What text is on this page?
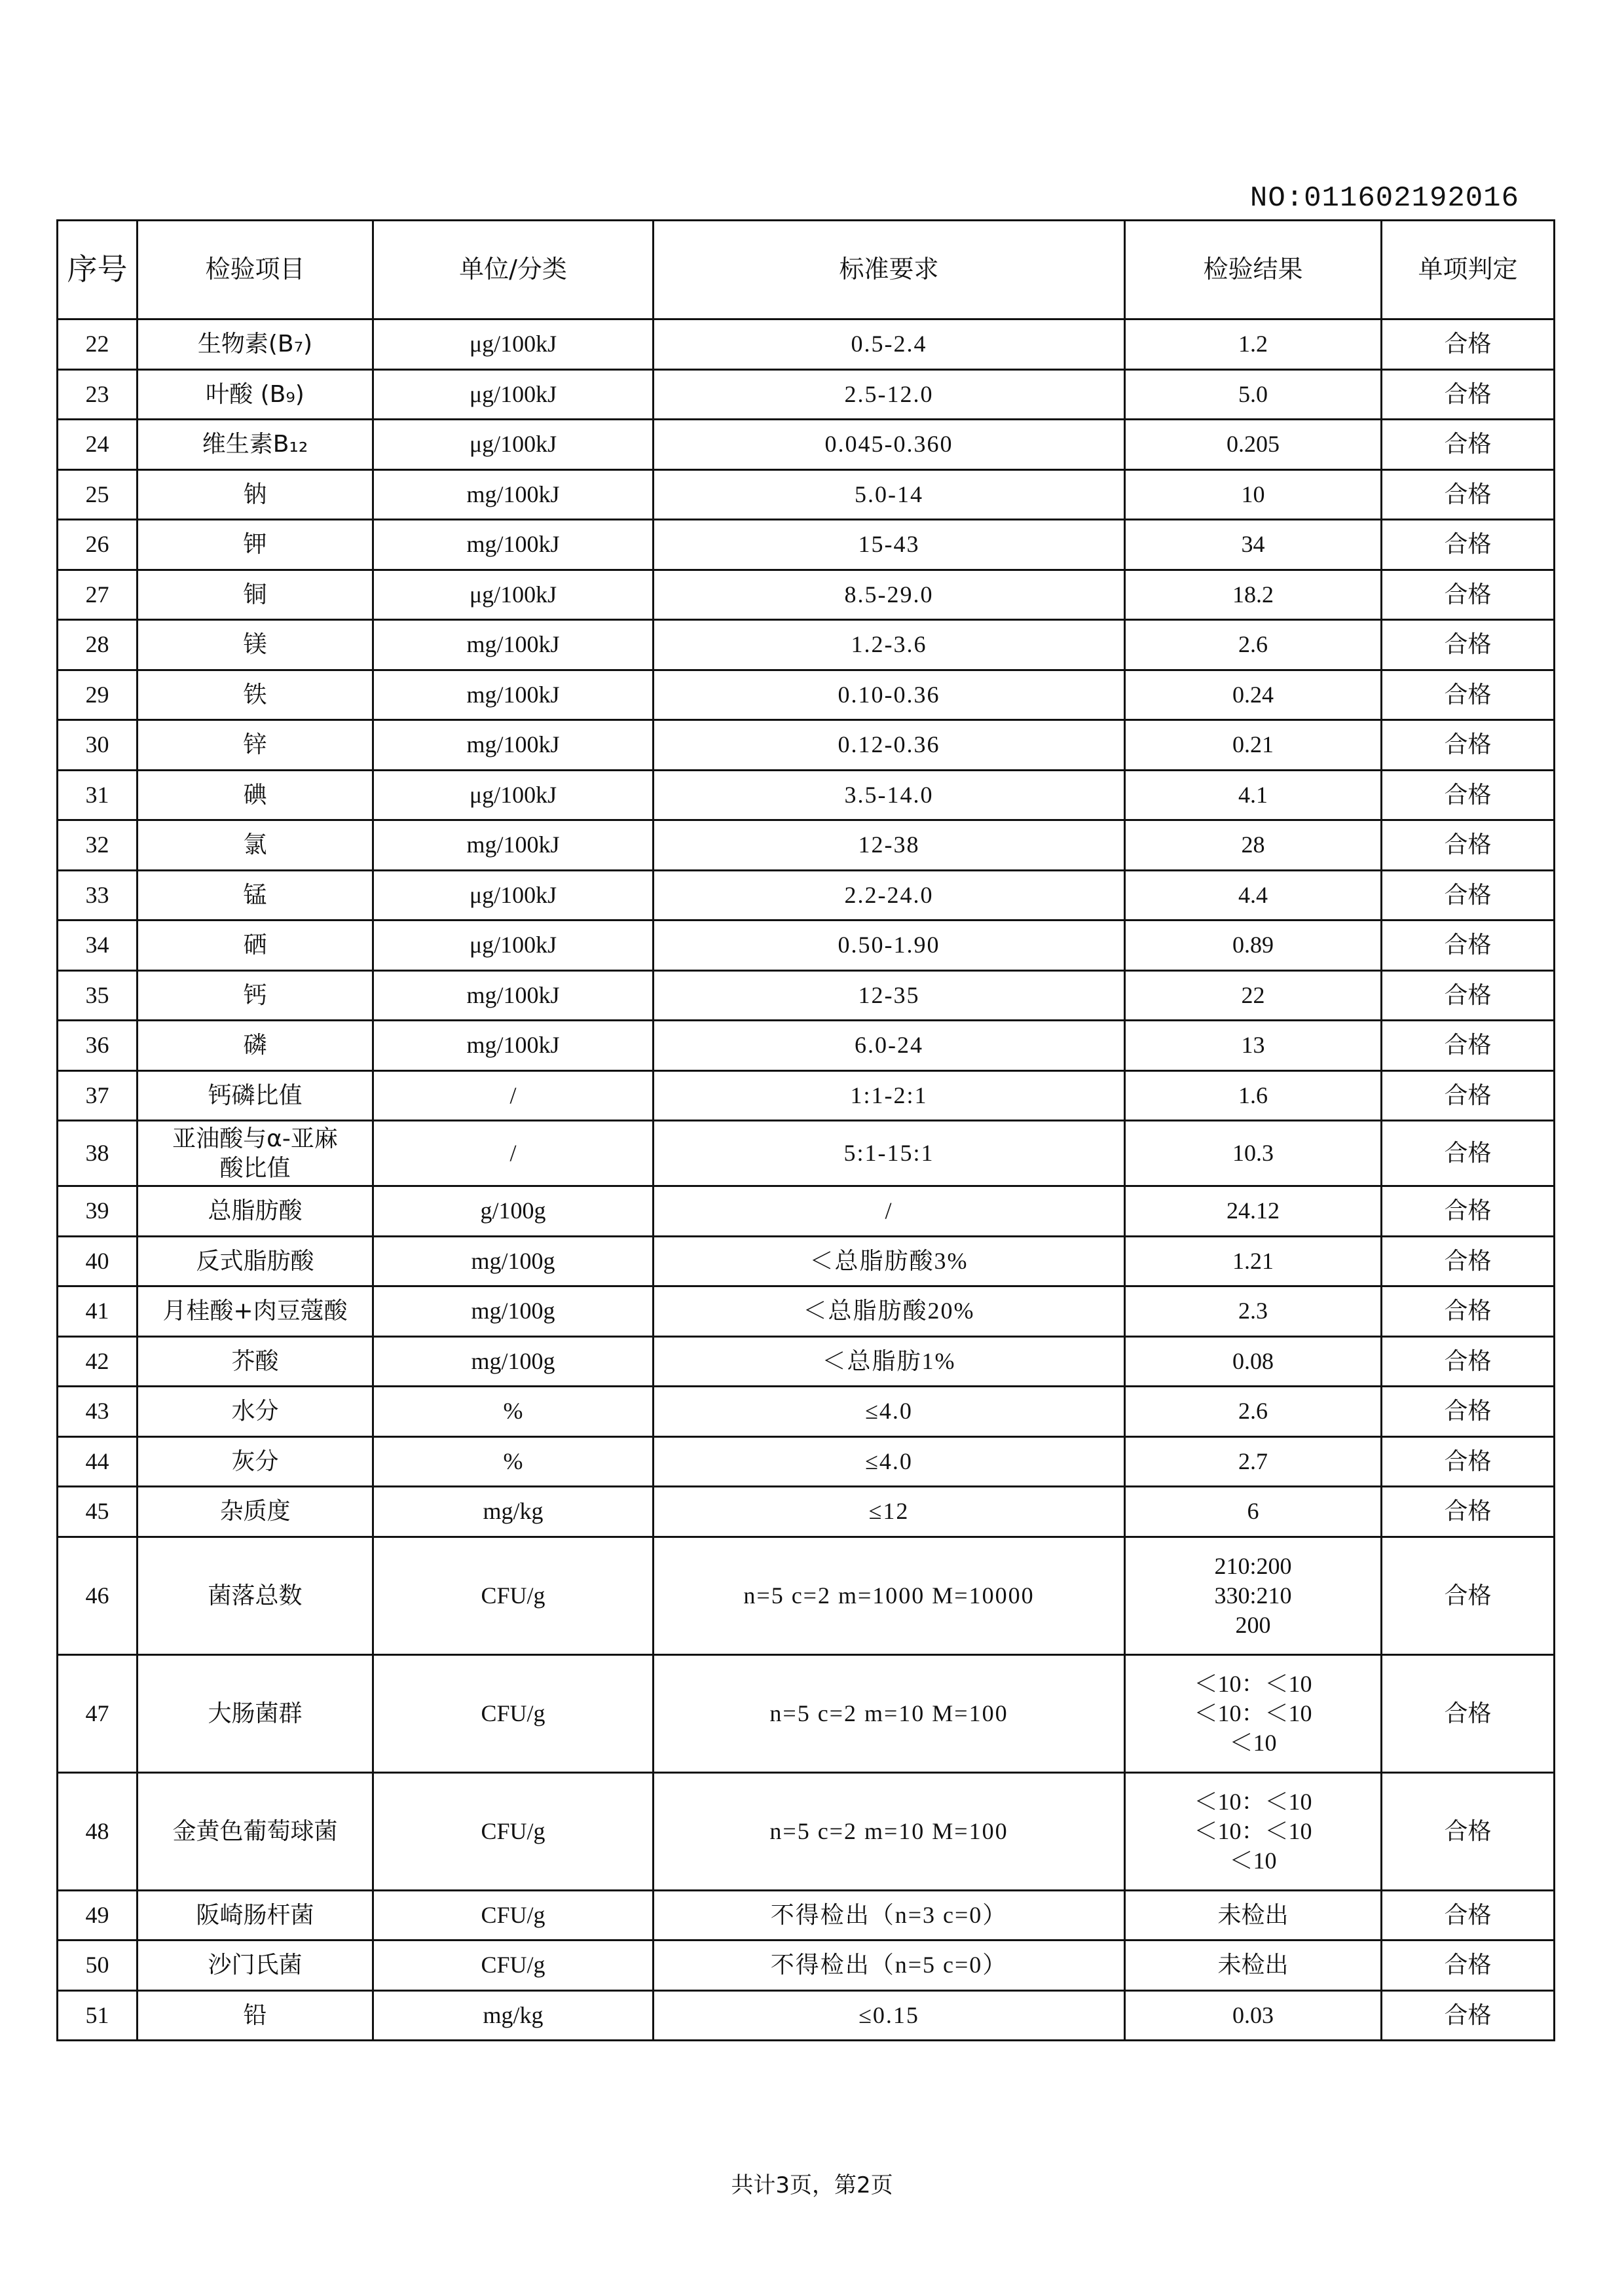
NO:011602192016
序号	检验项目	单位/分类	标准要求	检验结果	单项判定
22	生物素(B₇)	μg/100kJ	0.5-2.4	1.2	合格
23	叶酸 (B₉)	μg/100kJ	2.5-12.0	5.0	合格
24	维生素B₁₂	μg/100kJ	0.045-0.360	0.205	合格
25	钠	mg/100kJ	5.0-14	10	合格
26	钾	mg/100kJ	15-43	34	合格
27	铜	μg/100kJ	8.5-29.0	18.2	合格
28	镁	mg/100kJ	1.2-3.6	2.6	合格
29	铁	mg/100kJ	0.10-0.36	0.24	合格
30	锌	mg/100kJ	0.12-0.36	0.21	合格
31	碘	μg/100kJ	3.5-14.0	4.1	合格
32	氯	mg/100kJ	12-38	28	合格
33	锰	μg/100kJ	2.2-24.0	4.4	合格
34	硒	μg/100kJ	0.50-1.90	0.89	合格
35	钙	mg/100kJ	12-35	22	合格
36	磷	mg/100kJ	6.0-24	13	合格
37	钙磷比值	/	1:1-2:1	1.6	合格
38	亚油酸与α-亚麻
酸比值	/	5:1-15:1	10.3	合格
39	总脂肪酸	g/100g	/	24.12	合格
40	反式脂肪酸	mg/100g	＜总脂肪酸3%	1.21	合格
41	月桂酸+肉豆蔻酸	mg/100g	＜总脂肪酸20%	2.3	合格
42	芥酸	mg/100g	＜总脂肪1%	0.08	合格
43	水分	%	≤4.0	2.6	合格
44	灰分	%	≤4.0	2.7	合格
45	杂质度	mg/kg	≤12	6	合格
46	菌落总数	CFU/g	n=5 c=2 m=1000 M=10000	210:200
330:210
200	合格
47	大肠菌群	CFU/g	n=5 c=2 m=10 M=100	＜10：＜10
＜10：＜10
＜10	合格
48	金黄色葡萄球菌	CFU/g	n=5 c=2 m=10 M=100	＜10：＜10
＜10：＜10
＜10	合格
49	阪崎肠杆菌	CFU/g	不得检出（n=3 c=0）	未检出	合格
50	沙门氏菌	CFU/g	不得检出（n=5 c=0）	未检出	合格
51	铅	mg/kg	≤0.15	0.03	合格
共计3页，第2页
